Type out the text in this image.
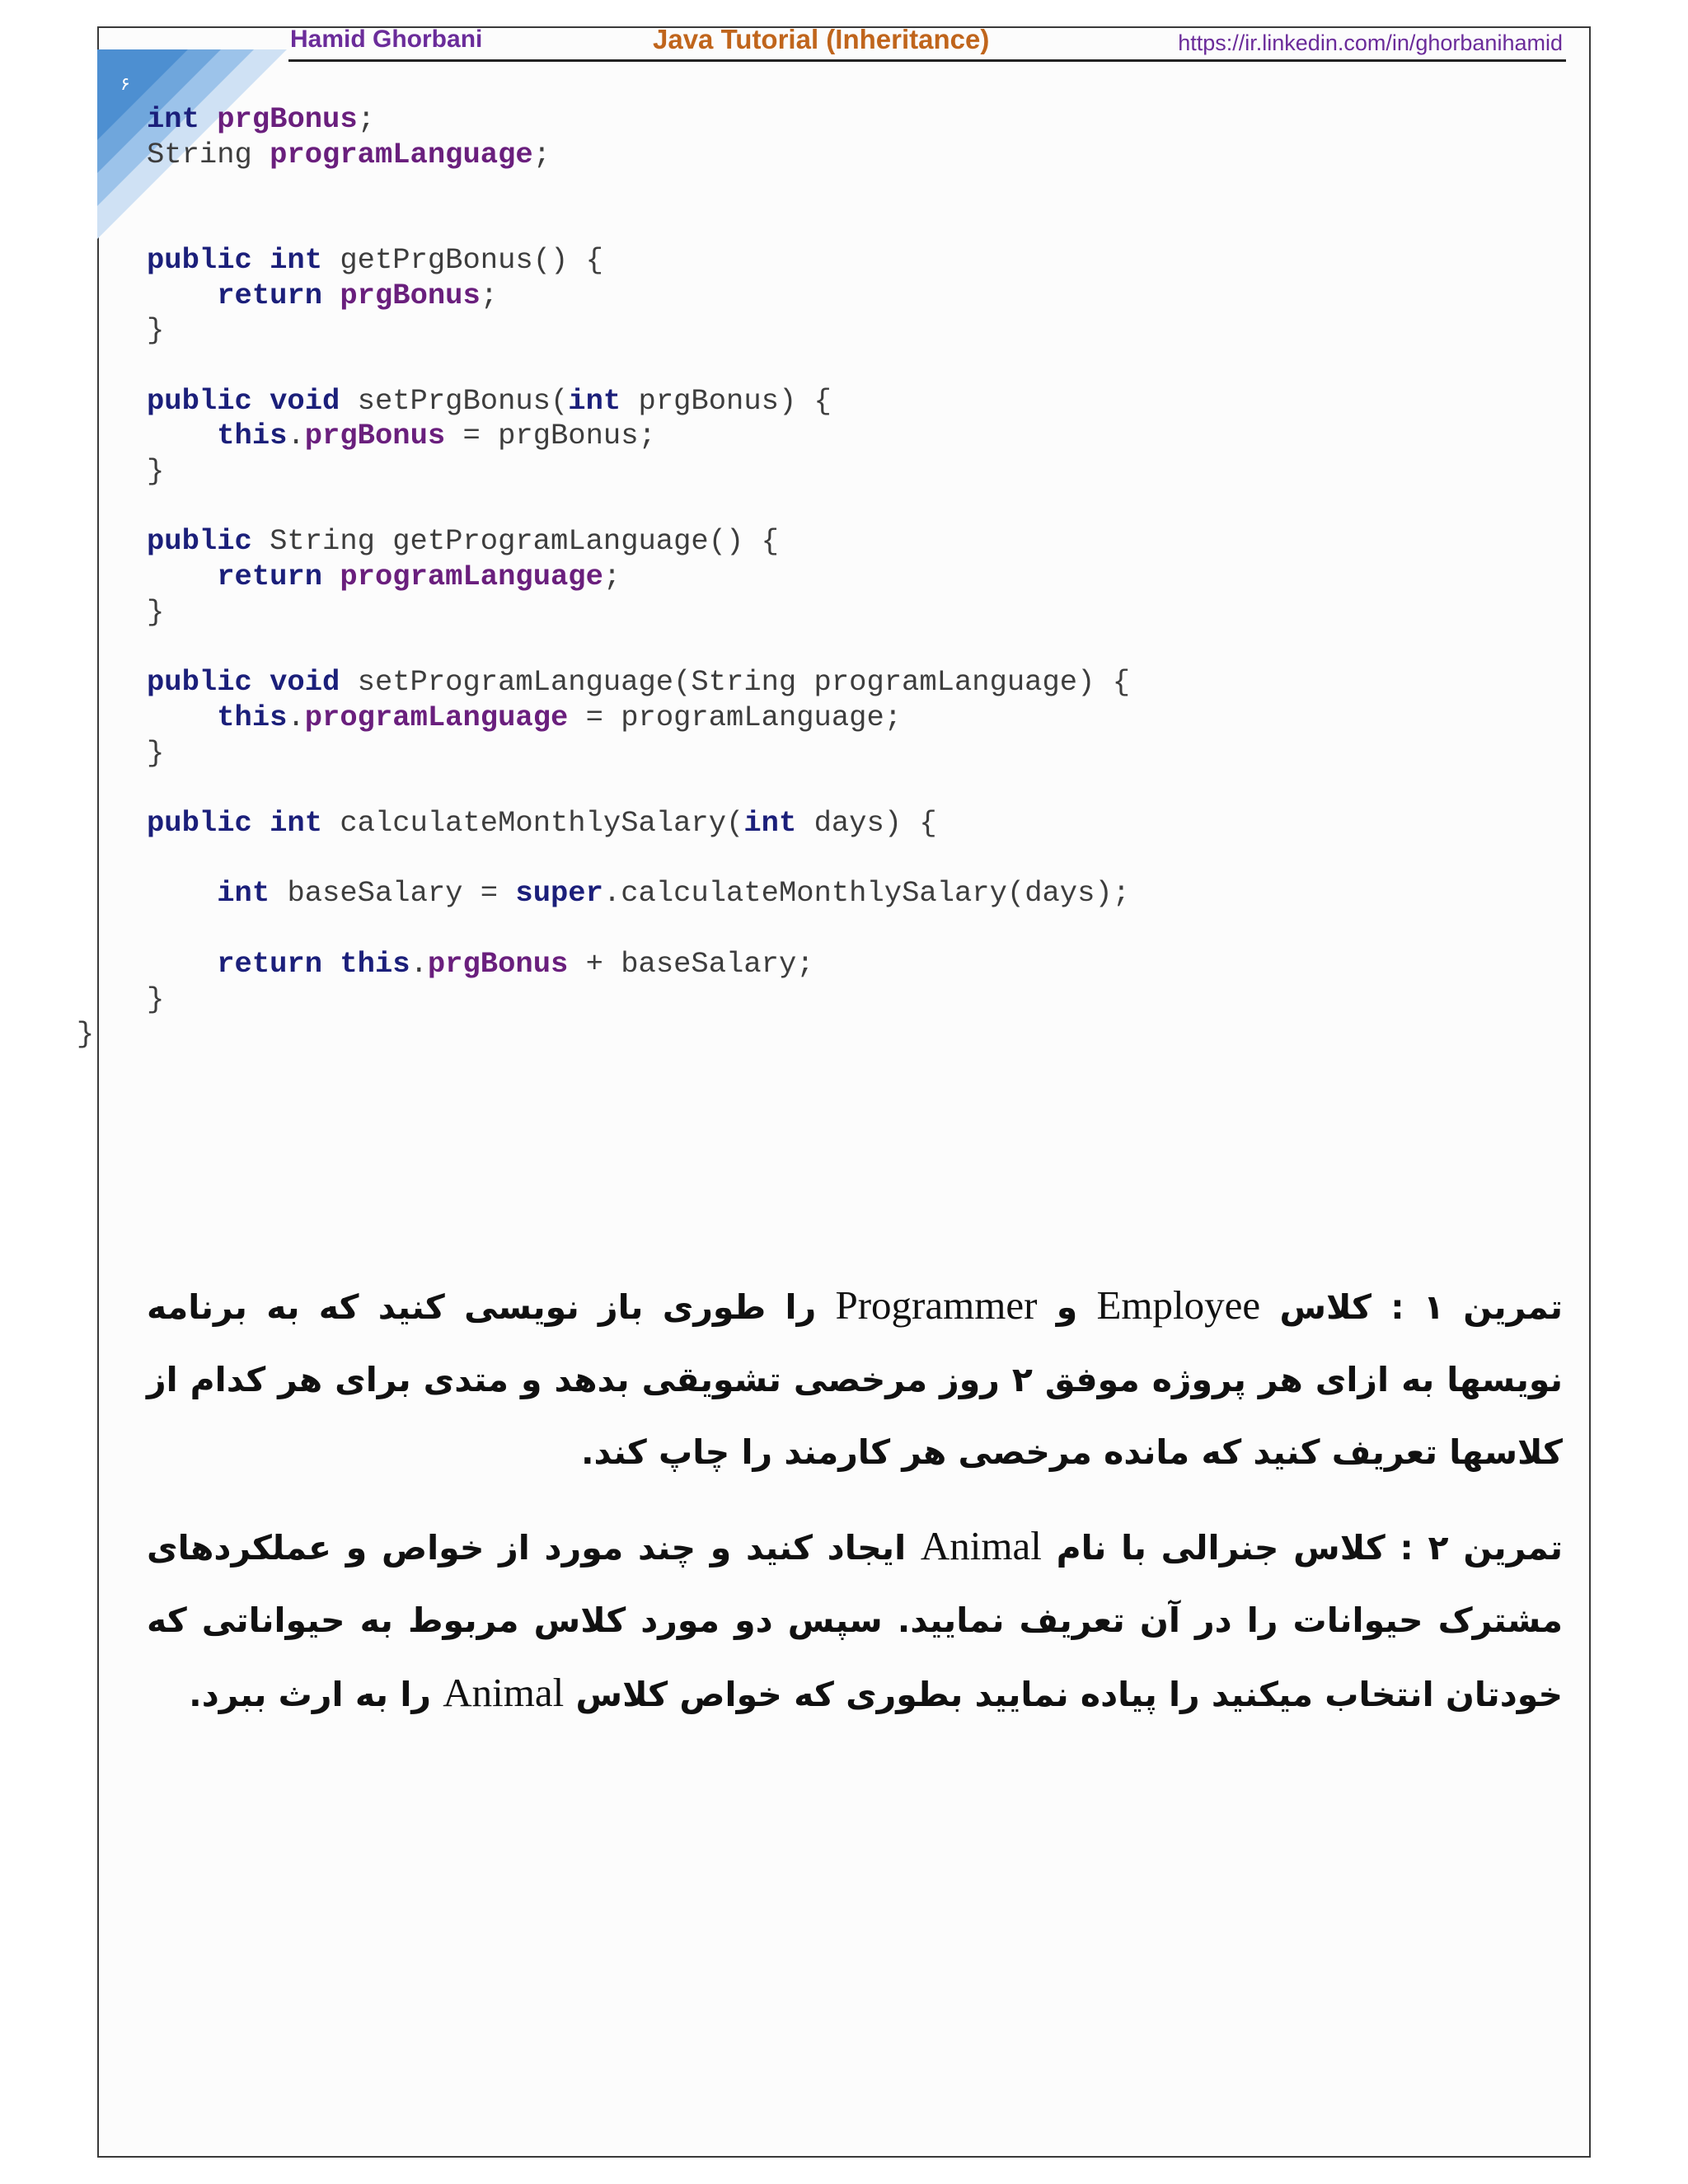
۶
Hamid Ghorbani	Java Tutorial (Inheritance)	https://ir.linkedin.com/in/ghorbanihamid
int prgBonus;
String programLanguage;

public int getPrgBonus() {
return prgBonus;
}

public void setPrgBonus(int prgBonus) {
this.prgBonus = prgBonus;
}

public String getProgramLanguage() {
return programLanguage;
}

public void setProgramLanguage(String programLanguage) {
this.programLanguage = programLanguage;
}

public int calculateMonthlySalary(int days) {

int baseSalary = super.calculateMonthlySalary(days);

return this.prgBonus + baseSalary;
}
}

تمرین ۱ : کلاس Employee و Programmer را طوری باز نویسی کنید که به برنامه نویسها به ازای هر پروژه موفق ۲ روز مرخصی تشویقی بدهد و متدی برای هر کدام از کلاسها تعریف کنید که مانده مرخصی هر کارمند را چاپ کند.

تمرین ۲ : کلاس جنرالی با نام Animal ایجاد کنید و چند مورد از خواص و عملکردهای مشترک حیوانات را در آن تعریف نمایید. سپس دو مورد کلاس مربوط به حیواناتی که خودتان انتخاب میکنید را پیاده نمایید بطوری که خواص کلاس Animal را به ارث ببرد.
